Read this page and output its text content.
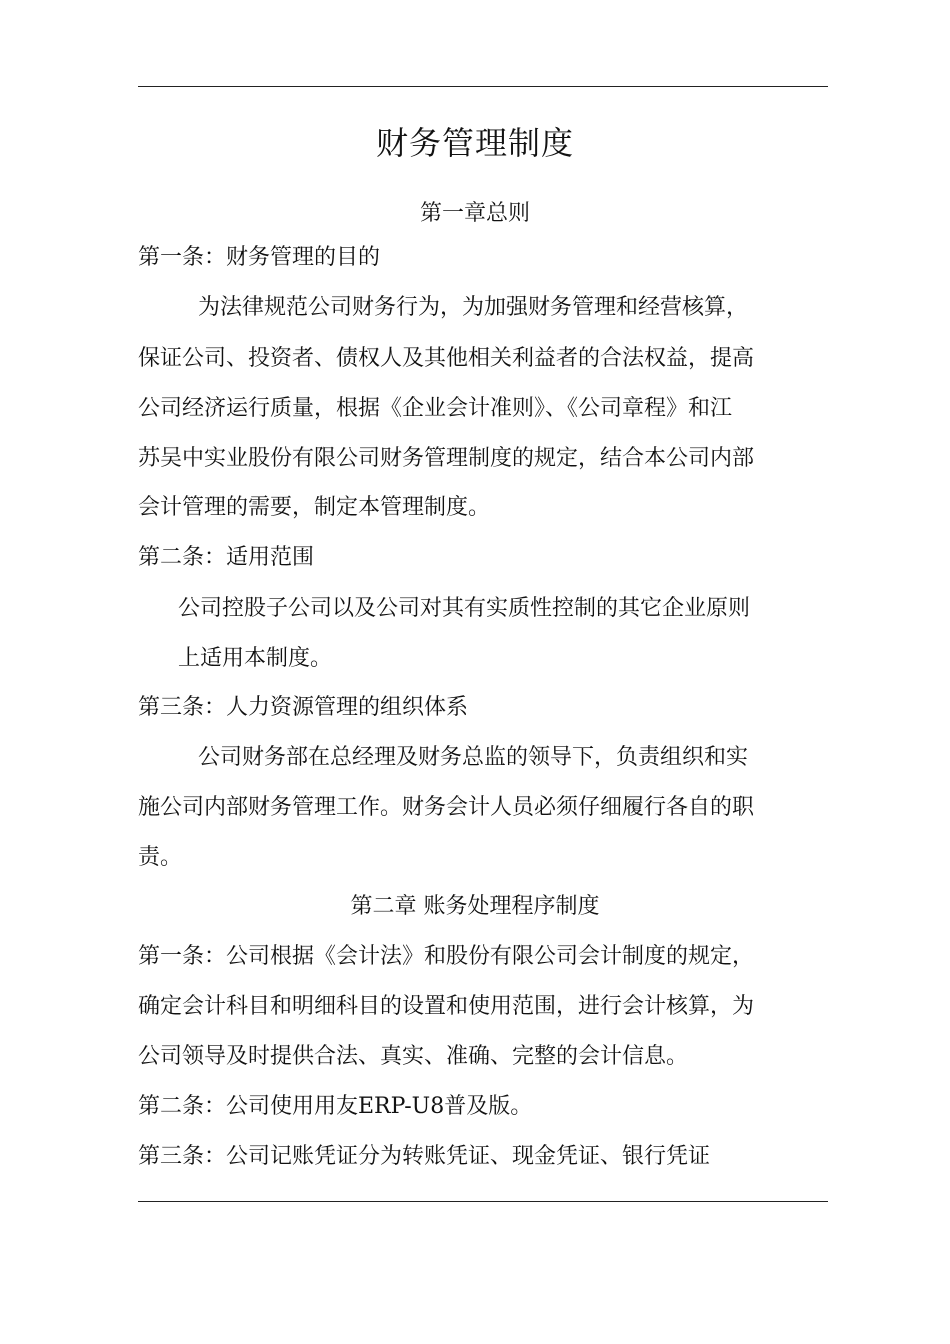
财务管理制度
第一章总则
第一条：财务管理的目的
为法律规范公司财务行为，为加强财务管理和经营核算，
保证公司、投资者、债权人及其他相关利益者的合法权益，提高
公司经济运行质量，根据《企业会计准则》、《公司章程》和江
苏吴中实业股份有限公司财务管理制度的规定，结合本公司内部
会计管理的需要，制定本管理制度。
第二条：适用范围
公司控股子公司以及公司对其有实质性控制的其它企业原则
上适用本制度。
第三条：人力资源管理的组织体系
公司财务部在总经理及财务总监的领导下，负责组织和实
施公司内部财务管理工作。财务会计人员必须仔细履行各自的职
责。
第二章 账务处理程序制度
第一条：公司根据《会计法》和股份有限公司会计制度的规定，
确定会计科目和明细科目的设置和使用范围，进行会计核算，为
公司领导及时提供合法、真实、准确、完整的会计信息。
第二条：公司使用用友ERP-U8普及版。
第三条：公司记账凭证分为转账凭证、现金凭证、银行凭证
